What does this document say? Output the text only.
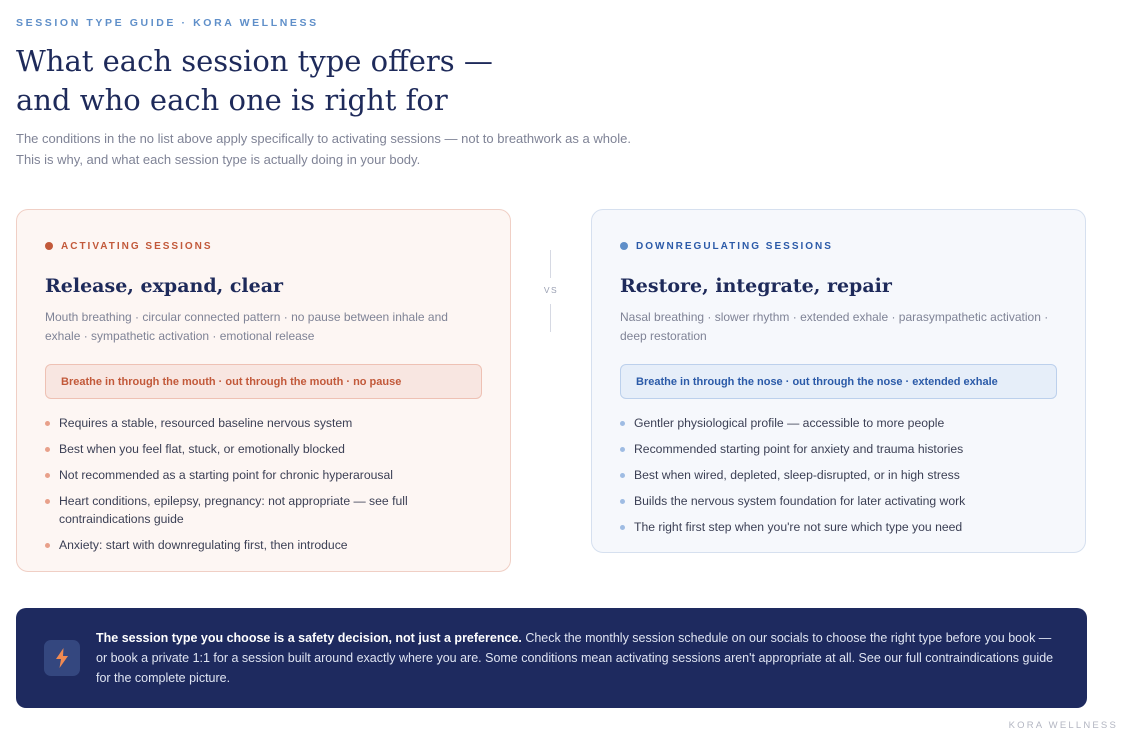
SESSION TYPE GUIDE · KORA WELLNESS
What each session type offers —
and who each one is right for

The conditions in the no list above apply specifically to activating sessions — not to breathwork as a whole.
This is why, and what each session type is actually doing in your body.

ACTIVATING SESSIONS
Release, expand, clear

Mouth breathing · circular connected pattern · no pause between inhale and exhale · sympathetic activation · emotional release

Breathe in through the mouth · out through the mouth · no pause
Requires a stable, resourced baseline nervous system
Best when you feel flat, stuck, or emotionally blocked
Not recommended as a starting point for chronic hyperarousal
Heart conditions, epilepsy, pregnancy: not appropriate — see full contraindications guide
Anxiety: start with downregulating first, then introduce
VS
DOWNREGULATING SESSIONS
Restore, integrate, repair

Nasal breathing · slower rhythm · extended exhale · parasympathetic activation · deep restoration

Breathe in through the nose · out through the nose · extended exhale
Gentler physiological profile — accessible to more people
Recommended starting point for anxiety and trauma histories
Best when wired, depleted, sleep-disrupted, or in high stress
Builds the nervous system foundation for later activating work
The right first step when you're not sure which type you need

The session type you choose is a safety decision, not just a preference. Check the monthly session schedule on our socials to choose the right type before you book — or book a private 1:1 for a session built around exactly where you are. Some conditions mean activating sessions aren't appropriate at all. See our full contraindications guide for the complete picture.

KORA WELLNESS
